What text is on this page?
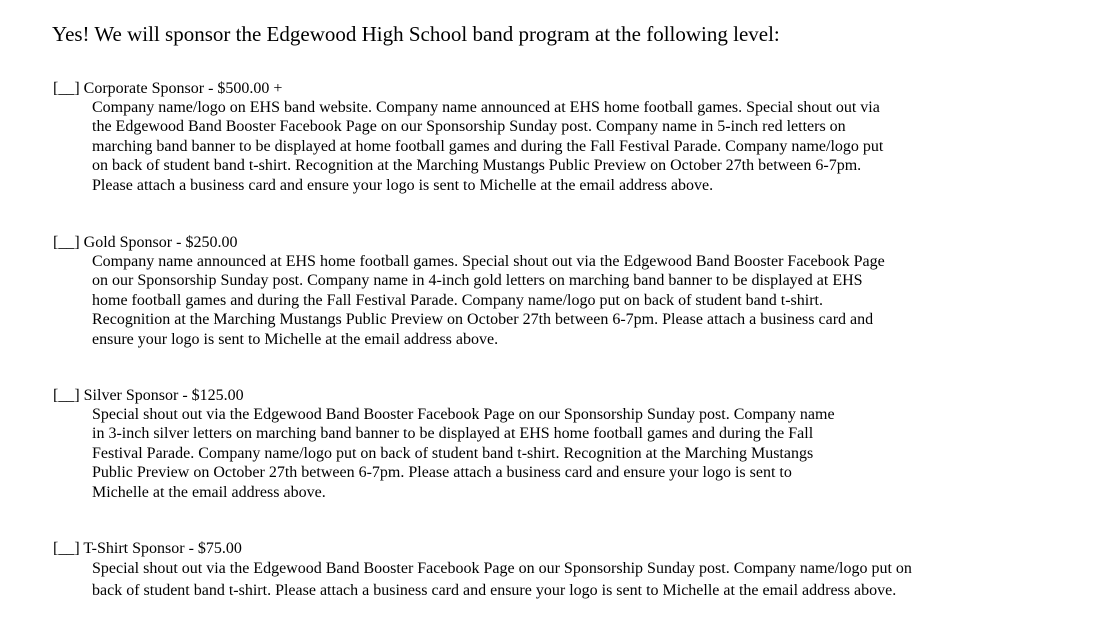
Yes! We will sponsor the Edgewood High School band program at the following level:
[__] Corporate Sponsor - $500.00 +
Company name/logo on EHS band website. Company name announced at EHS home football games. Special shout out via
the Edgewood Band Booster Facebook Page on our Sponsorship Sunday post. Company name in 5-inch red letters on
marching band banner to be displayed at home football games and during the Fall Festival Parade. Company name/logo put
on back of student band t-shirt. Recognition at the Marching Mustangs Public Preview on October 27th between 6-7pm.
Please attach a business card and ensure your logo is sent to Michelle at the email address above.
[__] Gold Sponsor - $250.00
Company name announced at EHS home football games. Special shout out via the Edgewood Band Booster Facebook Page
on our Sponsorship Sunday post. Company name in 4-inch gold letters on marching band banner to be displayed at EHS
home football games and during the Fall Festival Parade. Company name/logo put on back of student band t-shirt.
Recognition at the Marching Mustangs Public Preview on October 27th between 6-7pm. Please attach a business card and
ensure your logo is sent to Michelle at the email address above.
[__] Silver Sponsor - $125.00
Special shout out via the Edgewood Band Booster Facebook Page on our Sponsorship Sunday post. Company name
in 3-inch silver letters on marching band banner to be displayed at EHS home football games and during the Fall
Festival Parade. Company name/logo put on back of student band t-shirt. Recognition at the Marching Mustangs
Public Preview on October 27th between 6-7pm. Please attach a business card and ensure your logo is sent to
Michelle at the email address above.
[__] T-Shirt Sponsor - $75.00
Special shout out via the Edgewood Band Booster Facebook Page on our Sponsorship Sunday post. Company name/logo put on
back of student band t-shirt. Please attach a business card and ensure your logo is sent to Michelle at the email address above.
